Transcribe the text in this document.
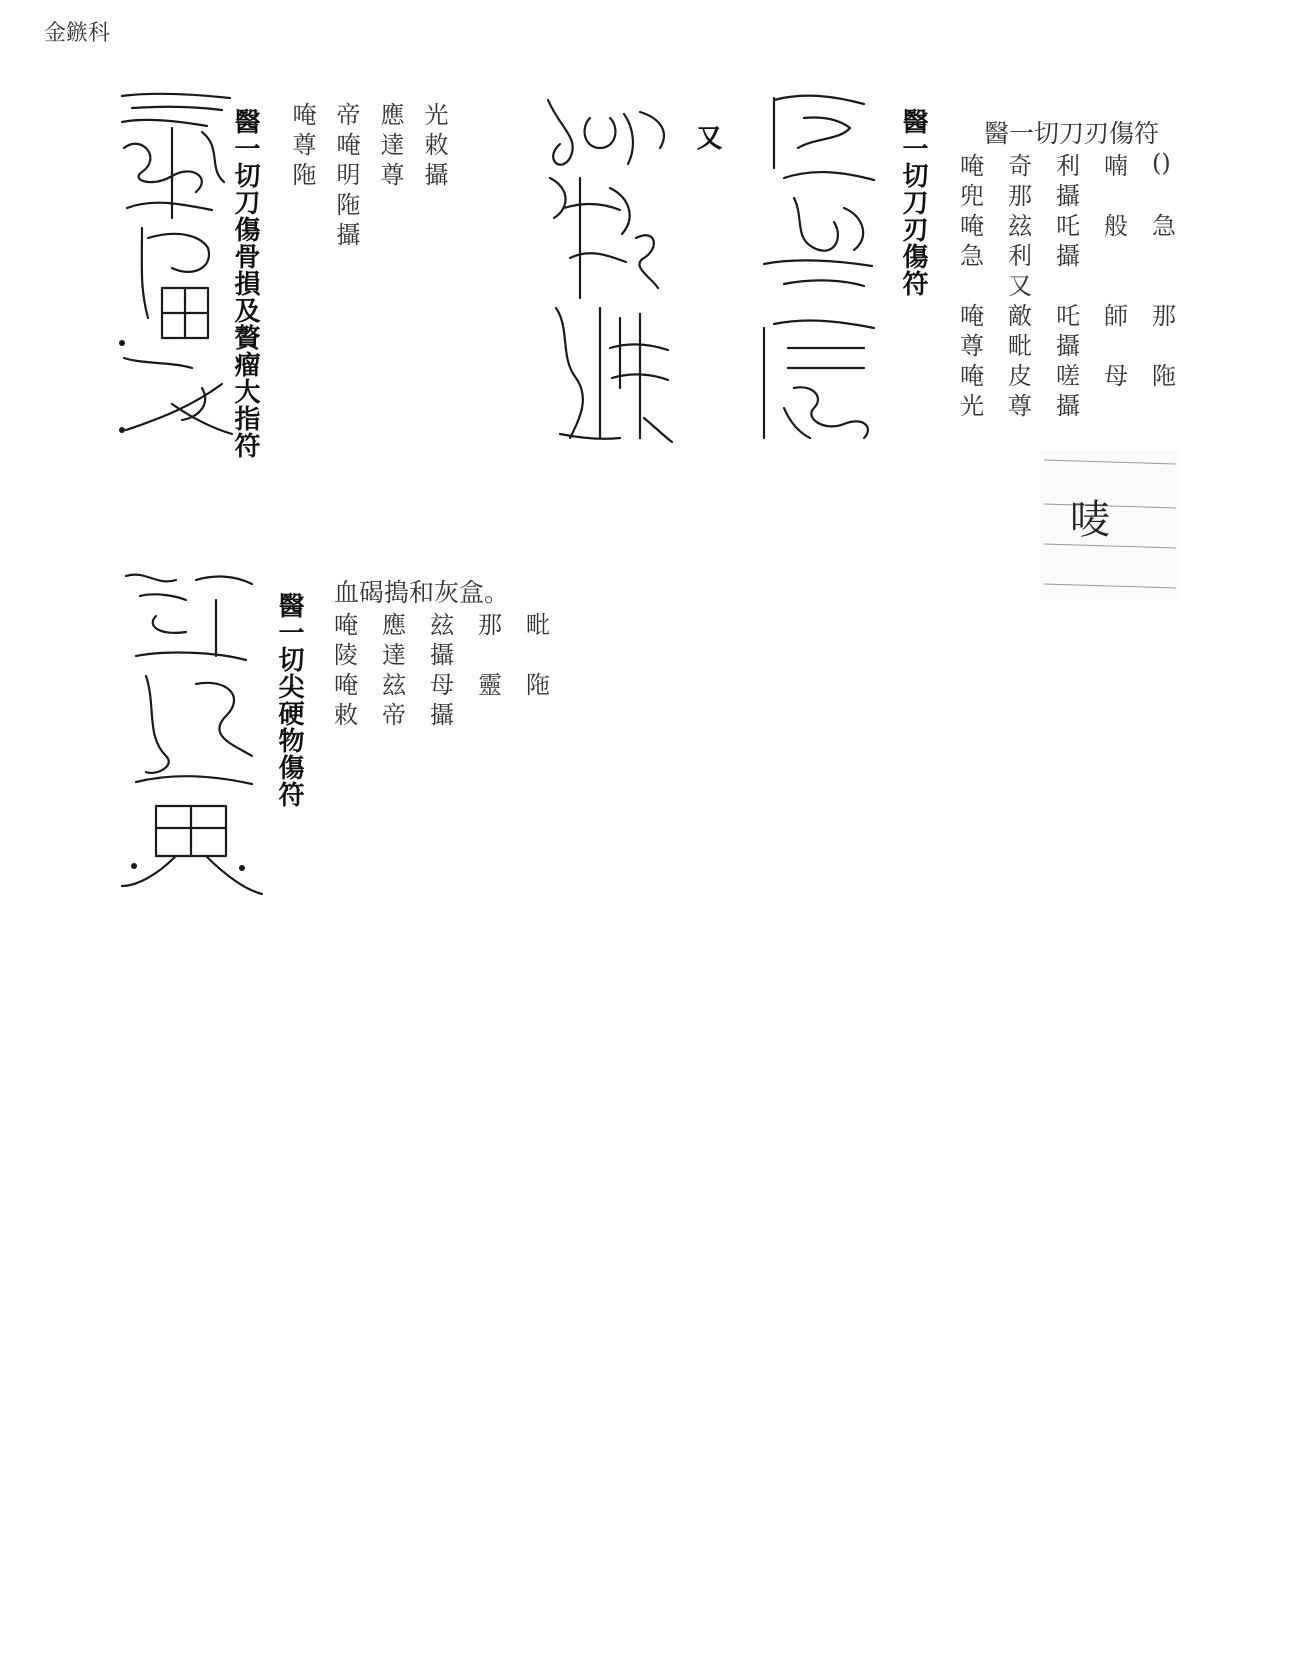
金鏃科
醫一切刀傷骨損及贅瘤大指符	光敕攝
應達尊
帝唵明陁攝
唵尊陁	又	醫一切刀刃傷符	醫一切刀刃傷符
唵	奇	利	喃	()
兜	那	攝
唵	玆	吒	般	急
急	利	攝
又
唵	敵	吒	師	那
尊	毗	攝
唵	皮	嗟	母	陁
光	尊	攝
唛
醫一切尖硬物傷符 血碣搗和灰盒。
唵	應	玆	那	毗
陵	達	攝
唵	玆	母	靈	陁
敕	帝	攝
